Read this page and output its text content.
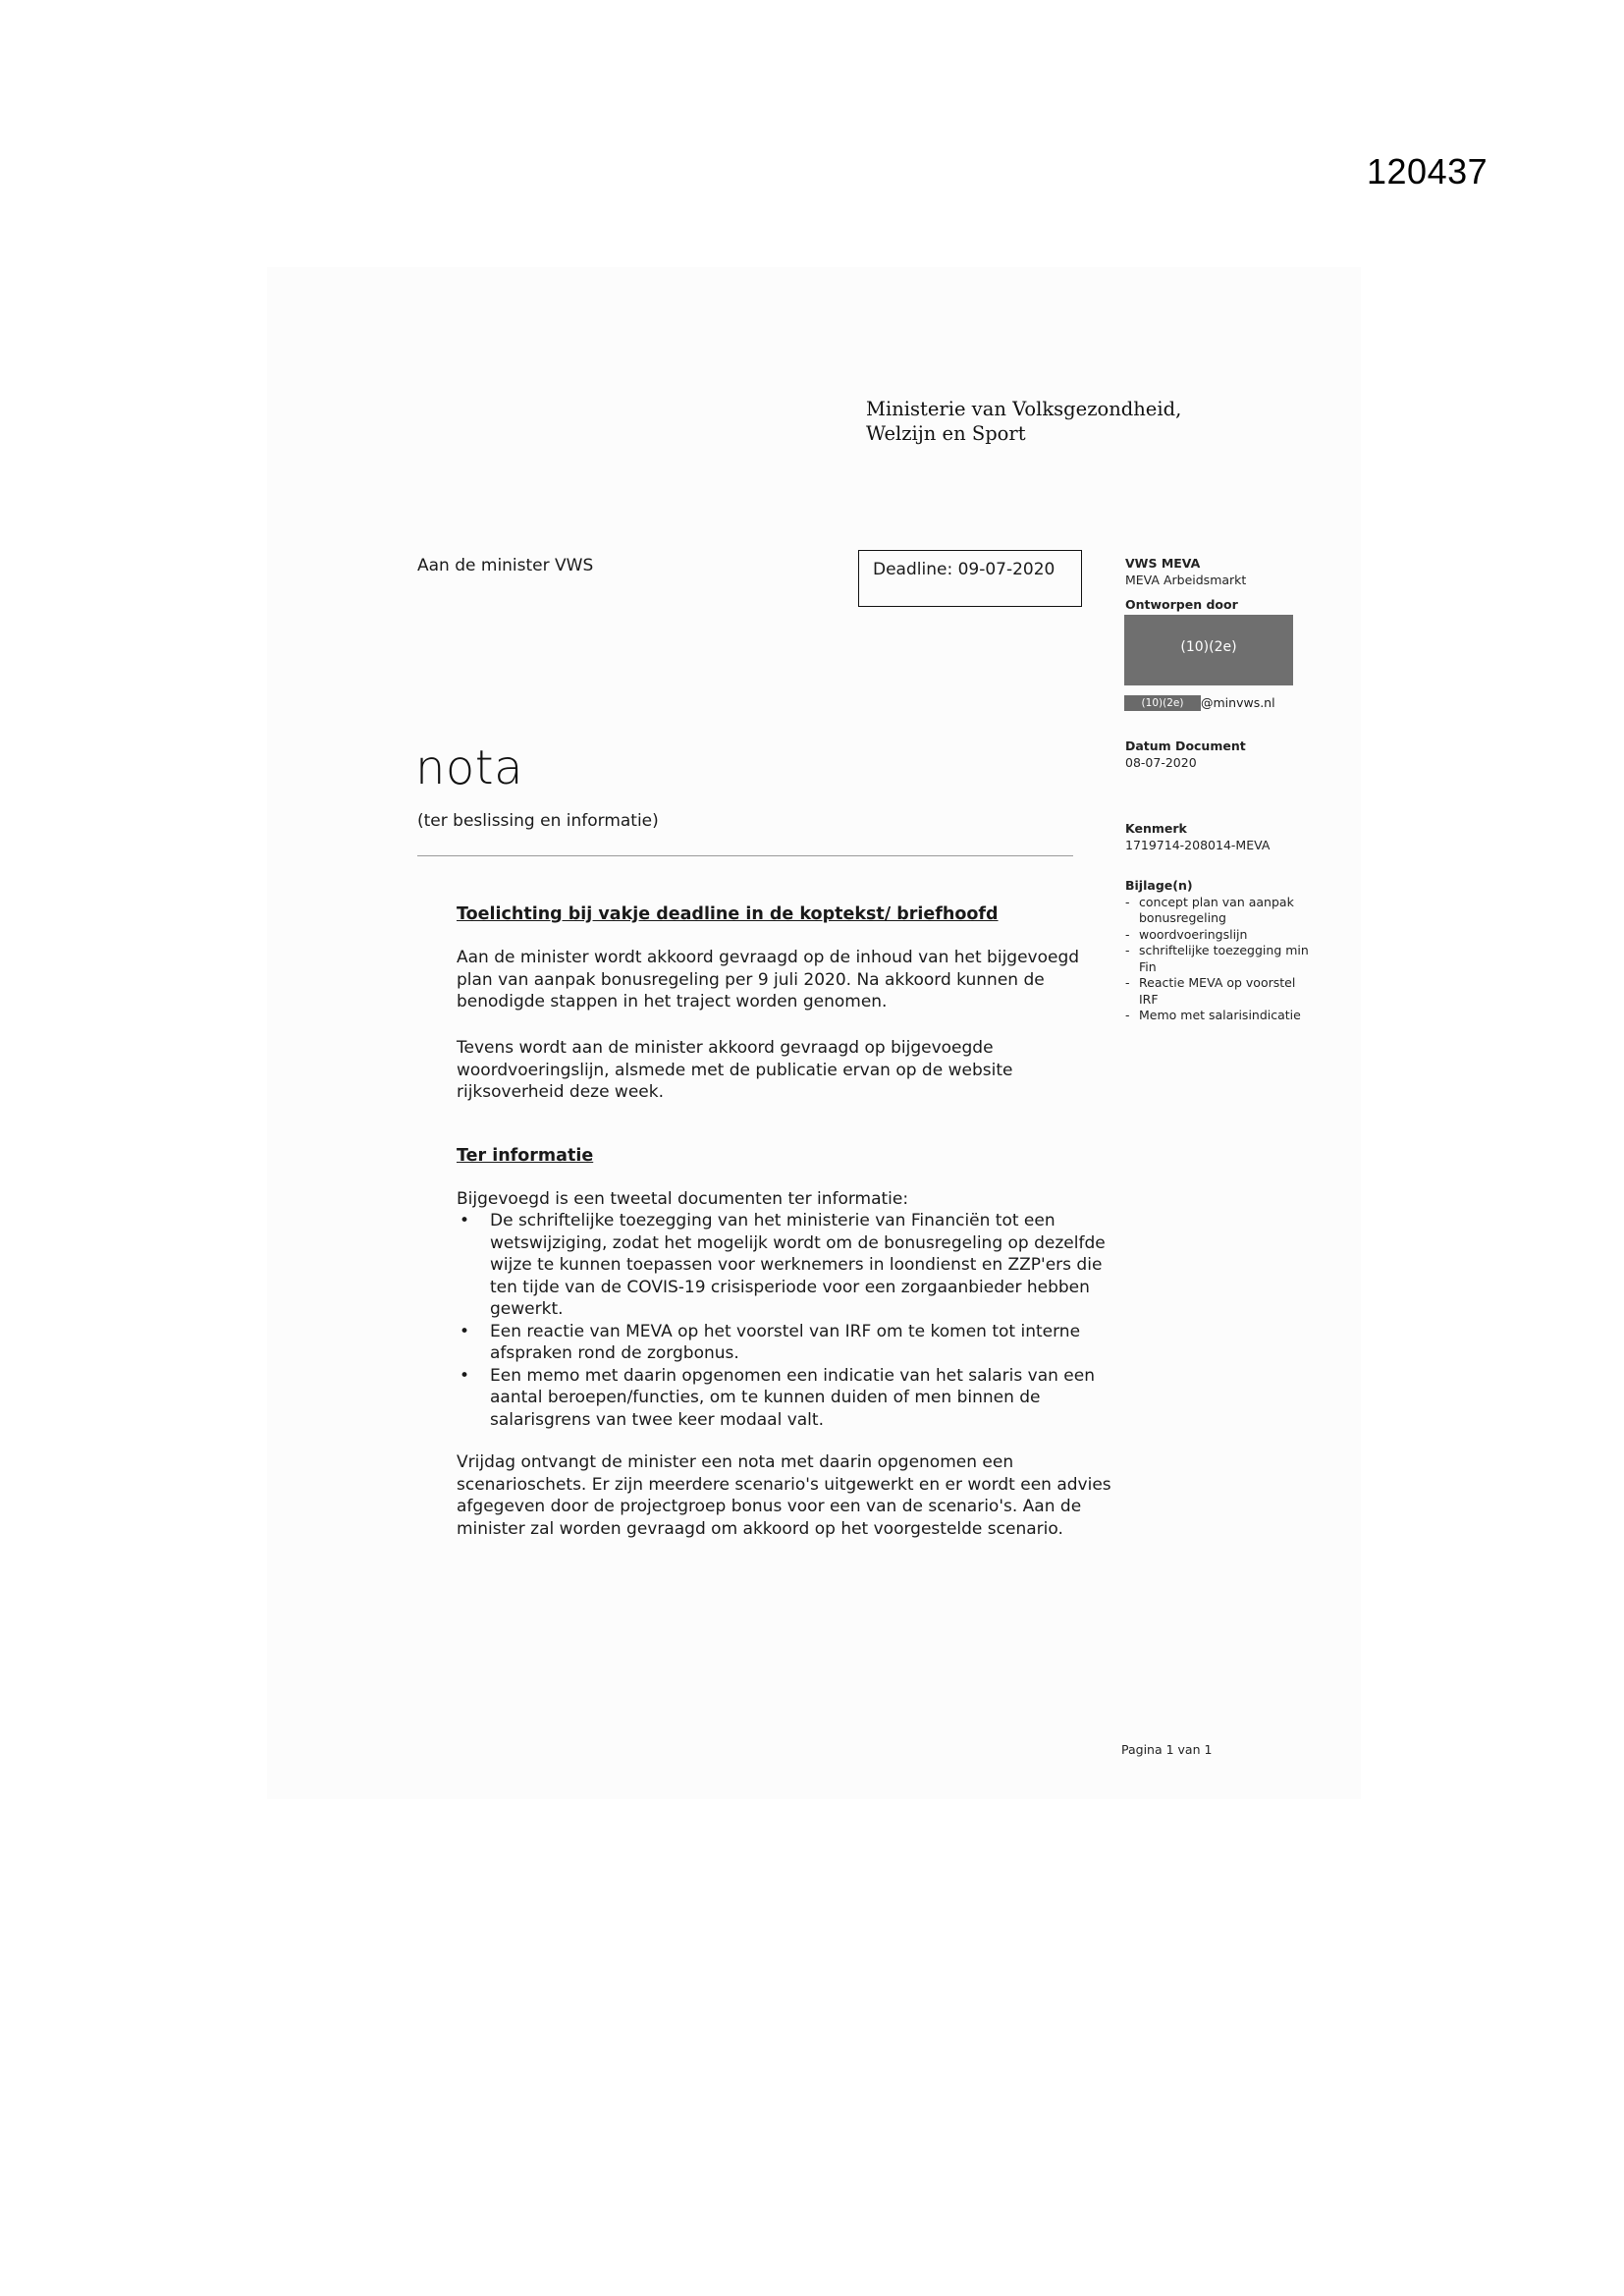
120437
Ministerie van Volksgezondheid,
Welzijn en Sport
Aan de minister VWS	Deadline: 09-07-2020
nota
(ter beslissing en informatie)
Toelichting bij vakje deadline in de koptekst/ briefhoofd
Aan de minister wordt akkoord gevraagd op de inhoud van het bijgevoegd
plan van aanpak bonusregeling per 9 juli 2020. Na akkoord kunnen de
benodigde stappen in het traject worden genomen.
Tevens wordt aan de minister akkoord gevraagd op bijgevoegde
woordvoeringslijn, alsmede met de publicatie ervan op de website
rijksoverheid deze week.
Ter informatie
Bijgevoegd is een tweetal documenten ter informatie:
• De schriftelijke toezegging van het ministerie van Financiën tot een
wetswijziging, zodat het mogelijk wordt om de bonusregeling op dezelfde
wijze te kunnen toepassen voor werknemers in loondienst en ZZP'ers die
ten tijde van de COVIS-19 crisisperiode voor een zorgaanbieder hebben
gewerkt.
• Een reactie van MEVA op het voorstel van IRF om te komen tot interne
afspraken rond de zorgbonus.
• Een memo met daarin opgenomen een indicatie van het salaris van een
aantal beroepen/functies, om te kunnen duiden of men binnen de
salarisgrens van twee keer modaal valt.
Vrijdag ontvangt de minister een nota met daarin opgenomen een
scenarioschets. Er zijn meerdere scenario's uitgewerkt en er wordt een advies
afgegeven door de projectgroep bonus voor een van de scenario's. Aan de
minister zal worden gevraagd om akkoord op het voorgestelde scenario.
VWS MEVA
MEVA Arbeidsmarkt
Ontworpen door
(10)(2e)
(10)(2e) @minvws.nl
Datum Document
08-07-2020
Kenmerk
1719714-208014-MEVA
Bijlage(n)
- concept plan van aanpak
bonusregeling
- woordvoeringslijn
- schriftelijke toezegging min
Fin
- Reactie MEVA op voorstel
IRF
- Memo met salarisindicatie
Pagina 1 van 1
